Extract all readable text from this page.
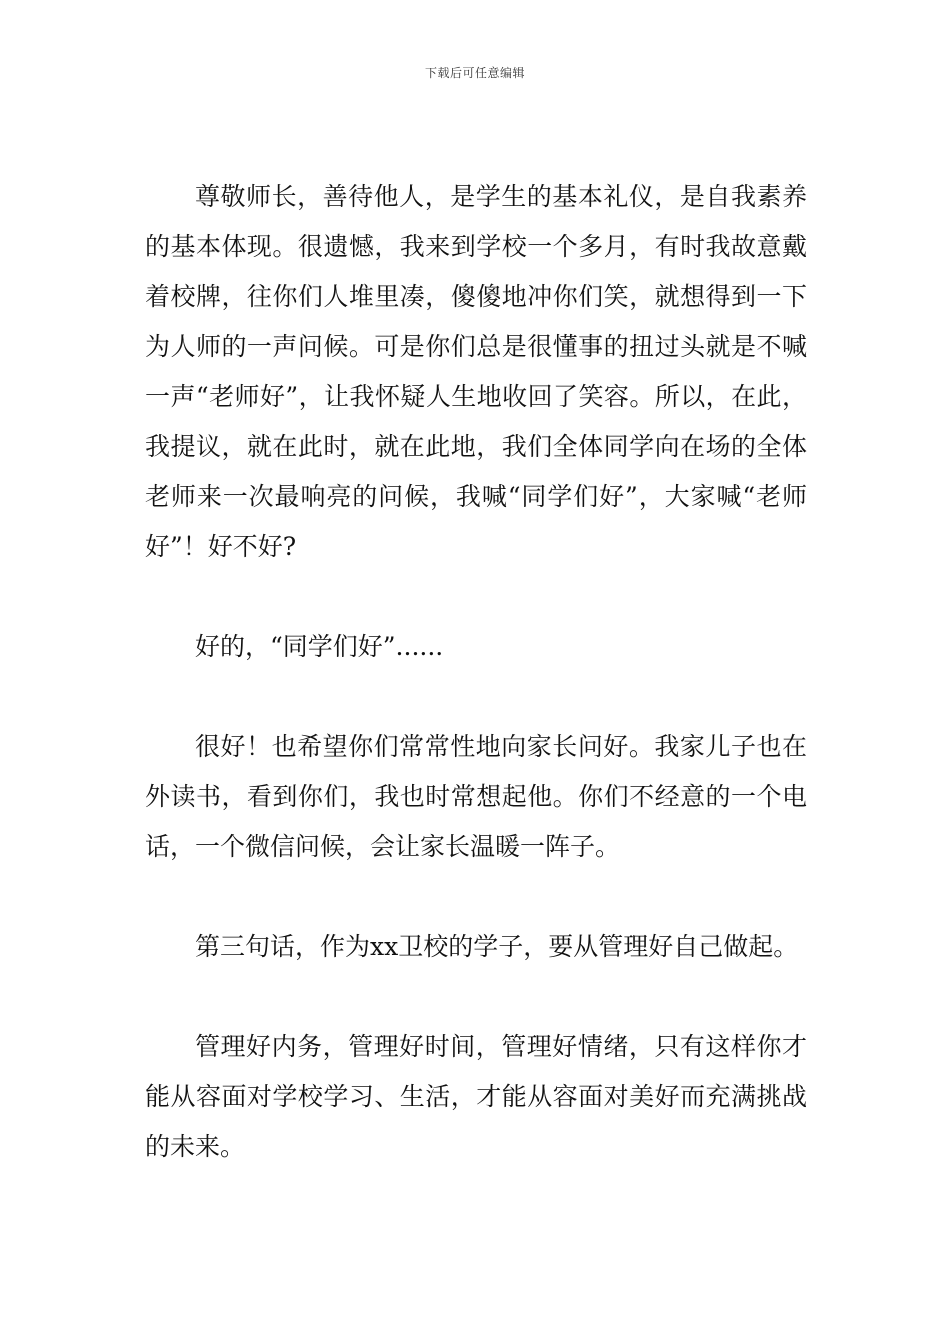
下载后可任意编辑

尊敬师长，善待他人，是学生的基本礼仪，是自我素养的基本体现。很遗憾，我来到学校一个多月，有时我故意戴着校牌，往你们人堆里凑，傻傻地冲你们笑，就想得到一下为人师的一声问候。可是你们总是很懂事的扭过头就是不喊一声“老师好”，让我怀疑人生地收回了笑容。所以，在此，我提议，就在此时，就在此地，我们全体同学向在场的全体老师来一次最响亮的问候，我喊“同学们好”，大家喊“老师好”！好不好?

好的，“同学们好”......

很好！也希望你们常常性地向家长问好。我家儿子也在外读书，看到你们，我也时常想起他。你们不经意的一个电话，一个微信问候，会让家长温暖一阵子。

第三句话，作为xx卫校的学子，要从管理好自己做起。

管理好内务，管理好时间，管理好情绪，只有这样你才能从容面对学校学习、生活，才能从容面对美好而充满挑战的未来。
